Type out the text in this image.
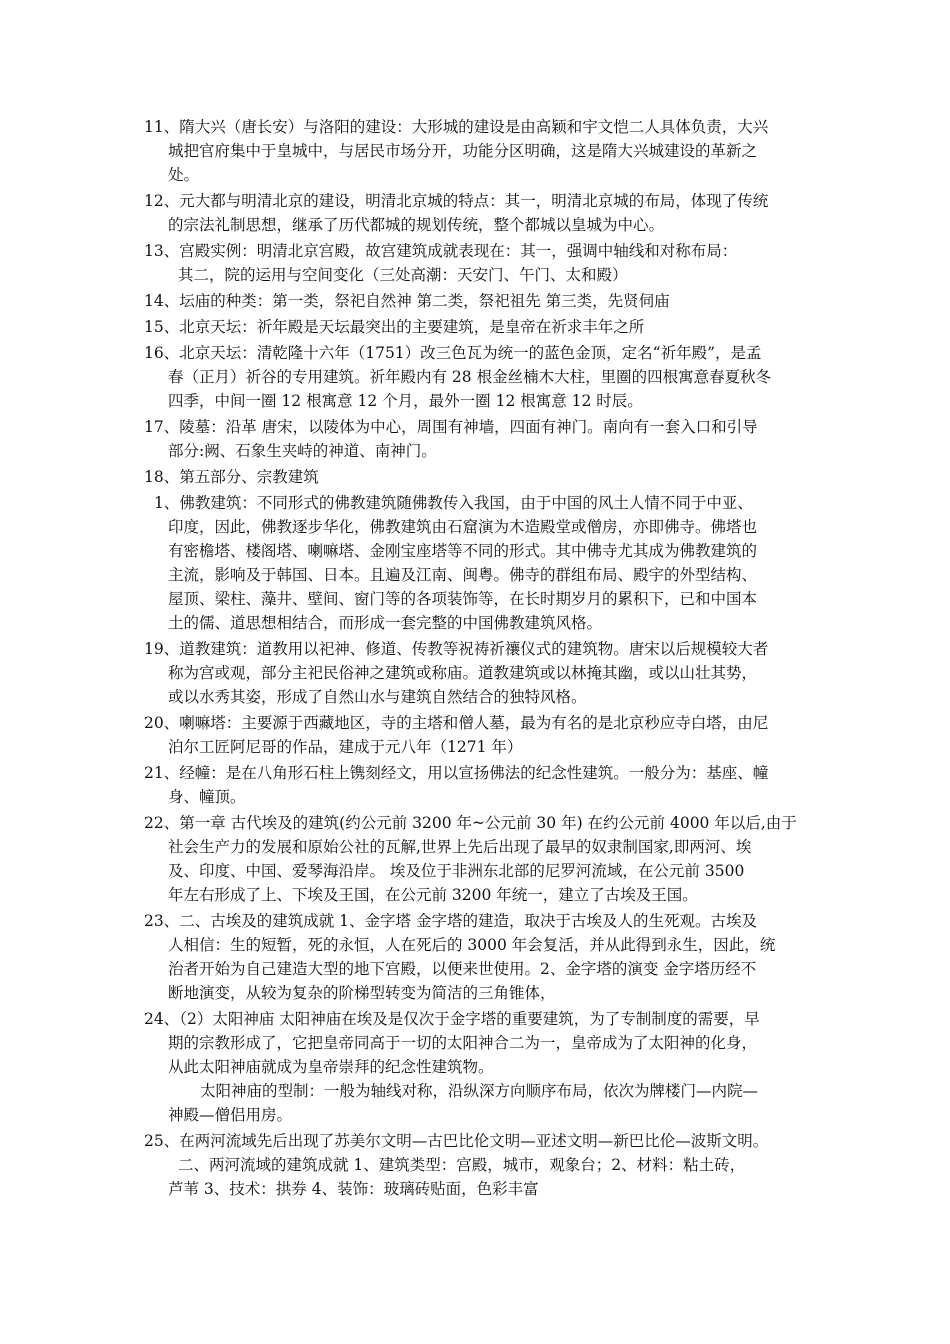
11、隋大兴（唐长安）与洛阳的建设：大形城的建设是由高颖和宇文恺二人具体负责，大兴
城把官府集中于皇城中，与居民市场分开，功能分区明确，这是隋大兴城建设的革新之
处。
12、元大都与明清北京的建设，明清北京城的特点：其一，明清北京城的布局，体现了传统
的宗法礼制思想，继承了历代都城的规划传统，整个都城以皇城为中心。
13、宫殿实例：明清北京宫殿，故宫建筑成就表现在：其一，强调中轴线和对称布局：
其二，院的运用与空间变化（三处高潮：天安门、午门、太和殿）
14、坛庙的种类：第一类，祭祀自然神 第二类，祭祀祖先 第三类，先贤伺庙
15、北京天坛：祈年殿是天坛最突出的主要建筑，是皇帝在祈求丰年之所
16、北京天坛：清乾隆十六年（1751）改三色瓦为统一的蓝色金顶，定名“祈年殿”，是孟
春（正月）祈谷的专用建筑。祈年殿内有 28 根金丝楠木大柱，里圈的四根寓意春夏秋冬
四季，中间一圈 12 根寓意 12 个月，最外一圈 12 根寓意 12 时辰。
17、陵墓：沿革 唐宋，以陵体为中心，周围有神墙，四面有神门。南向有一套入口和引导
部分:阙、石象生夹峙的神道、南神门。
18、第五部分、宗教建筑
1、佛教建筑：不同形式的佛教建筑随佛教传入我国，由于中国的风土人情不同于中亚、
印度，因此，佛教逐步华化，佛教建筑由石窟演为木造殿堂或僧房，亦即佛寺。佛塔也
有密檐塔、楼阁塔、喇嘛塔、金刚宝座塔等不同的形式。其中佛寺尤其成为佛教建筑的
主流，影响及于韩国、日本。且遍及江南、闽粤。佛寺的群组布局、殿宇的外型结构、
屋顶、梁柱、藻井、壁间、窗门等的各项装饰等，在长时期岁月的累积下，已和中国本
土的儒、道思想相结合，而形成一套完整的中国佛教建筑风格。
19、道教建筑：道教用以祀神、修道、传教等祝祷祈禳仪式的建筑物。唐宋以后规模较大者
称为宫或观，部分主祀民俗神之建筑或称庙。道教建筑或以林掩其幽，或以山壮其势，
或以水秀其姿，形成了自然山水与建筑自然结合的独特风格。
20、喇嘛塔：主要源于西藏地区，寺的主塔和僧人墓，最为有名的是北京秒应寺白塔，由尼
泊尔工匠阿尼哥的作品，建成于元八年（1271 年）
21、经幢：是在八角形石柱上镌刻经文，用以宣扬佛法的纪念性建筑。一般分为：基座、幢
身、幢顶。
22、第一章 古代埃及的建筑(约公元前 3200 年~公元前 30 年) 在约公元前 4000 年以后,由于
社会生产力的发展和原始公社的瓦解,世界上先后出现了最早的奴隶制国家,即两河、埃
及、印度、中国、爱琴海沿岸。 埃及位于非洲东北部的尼罗河流域，在公元前 3500
年左右形成了上、下埃及王国，在公元前 3200 年统一，建立了古埃及王国。
23、二、古埃及的建筑成就 1、金字塔 金字塔的建造，取决于古埃及人的生死观。古埃及
人相信：生的短暂，死的永恒，人在死后的 3000 年会复活，并从此得到永生，因此，统
治者开始为自己建造大型的地下宫殿，以便来世使用。2、金字塔的演变 金字塔历经不
断地演变，从较为复杂的阶梯型转变为简洁的三角锥体，
24、（2）太阳神庙 太阳神庙在埃及是仅次于金字塔的重要建筑，为了专制制度的需要，早
期的宗教形成了，它把皇帝同高于一切的太阳神合二为一，皇帝成为了太阳神的化身，
从此太阳神庙就成为皇帝崇拜的纪念性建筑物。
太阳神庙的型制：一般为轴线对称，沿纵深方向顺序布局，依次为牌楼门—内院—
神殿—僧侣用房。
25、在两河流域先后出现了苏美尔文明—古巴比伦文明—亚述文明—新巴比伦—波斯文明。
二、两河流域的建筑成就 1、建筑类型：宫殿，城市，观象台；2、材料：粘土砖，
芦苇 3、技术：拱券 4、装饰：玻璃砖贴面，色彩丰富
